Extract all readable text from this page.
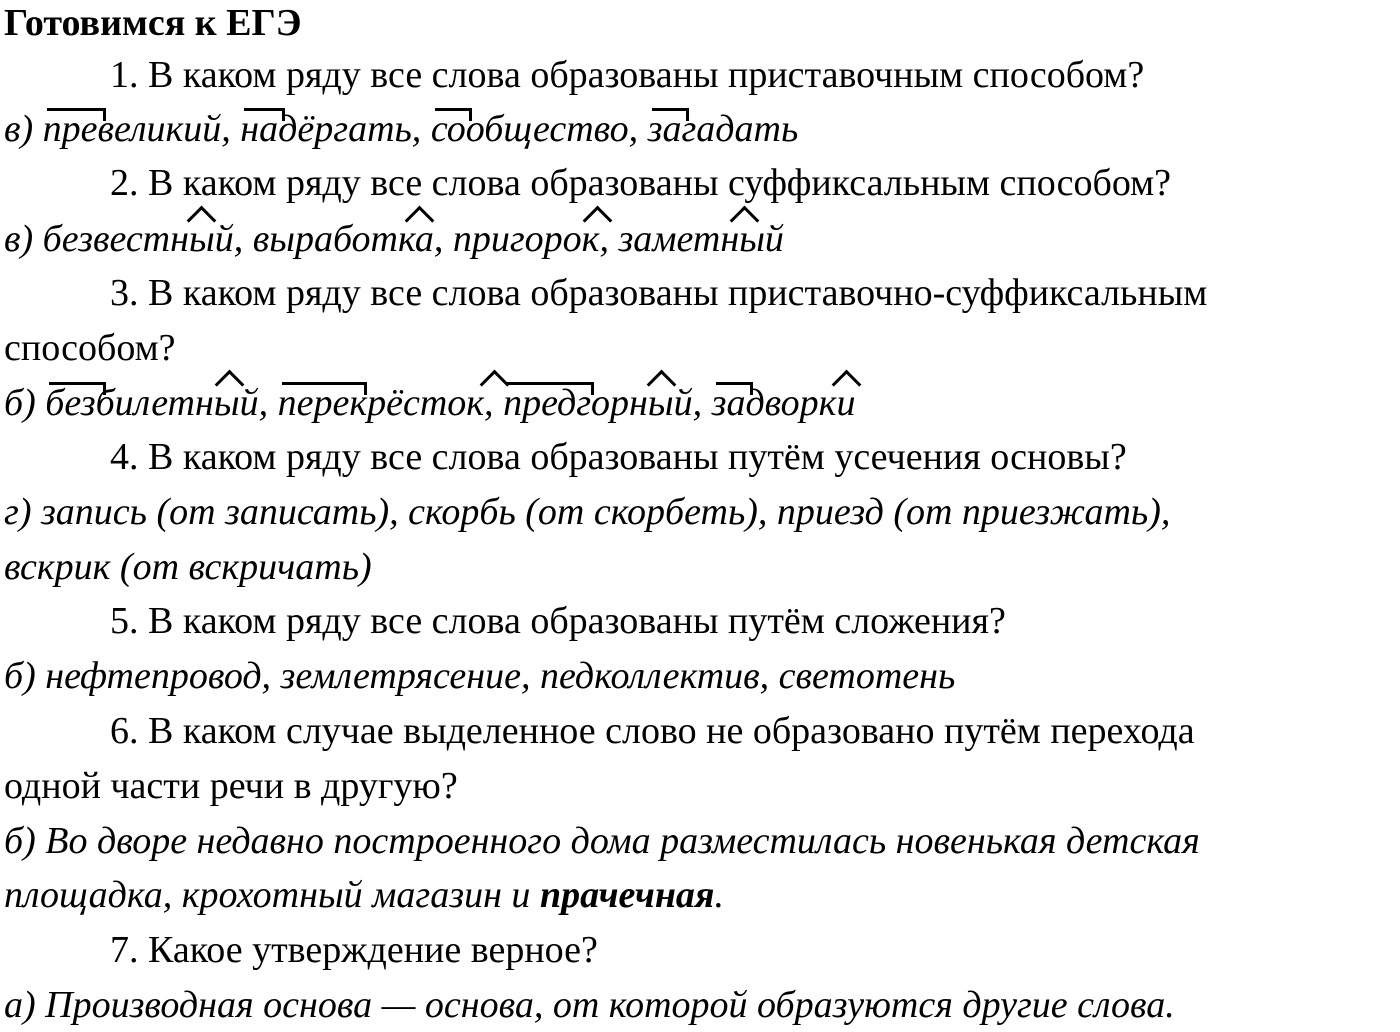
Готовимся к ЕГЭ
1. В каком ряду все слова образованы приставочным способом?
в) превеликий, надёргать, сообщество, загадать
2. В каком ряду все слова образованы суффиксальным способом?
в) безвестный, выработка, пригорок, заметный
3. В каком ряду все слова образованы приставочно-суффиксальным
способом?
б) безбилетный, перекрёсток, предгорный, задворки
4. В каком ряду все слова образованы путём усечения основы?
г) запись (от записать), скорбь (от скорбеть), приезд (от приезжать),
вскрик (от вскричать)
5. В каком ряду все слова образованы путём сложения?
б) нефтепровод, землетрясение, педколлектив, светотень
6. В каком случае выделенное слово не образовано путём перехода
одной части речи в другую?
б) Во дворе недавно построенного дома разместилась новенькая детская
площадка, крохотный магазин и прачечная.
7. Какое утверждение верное?
а) Производная основа — основа, от которой образуются другие слова.
